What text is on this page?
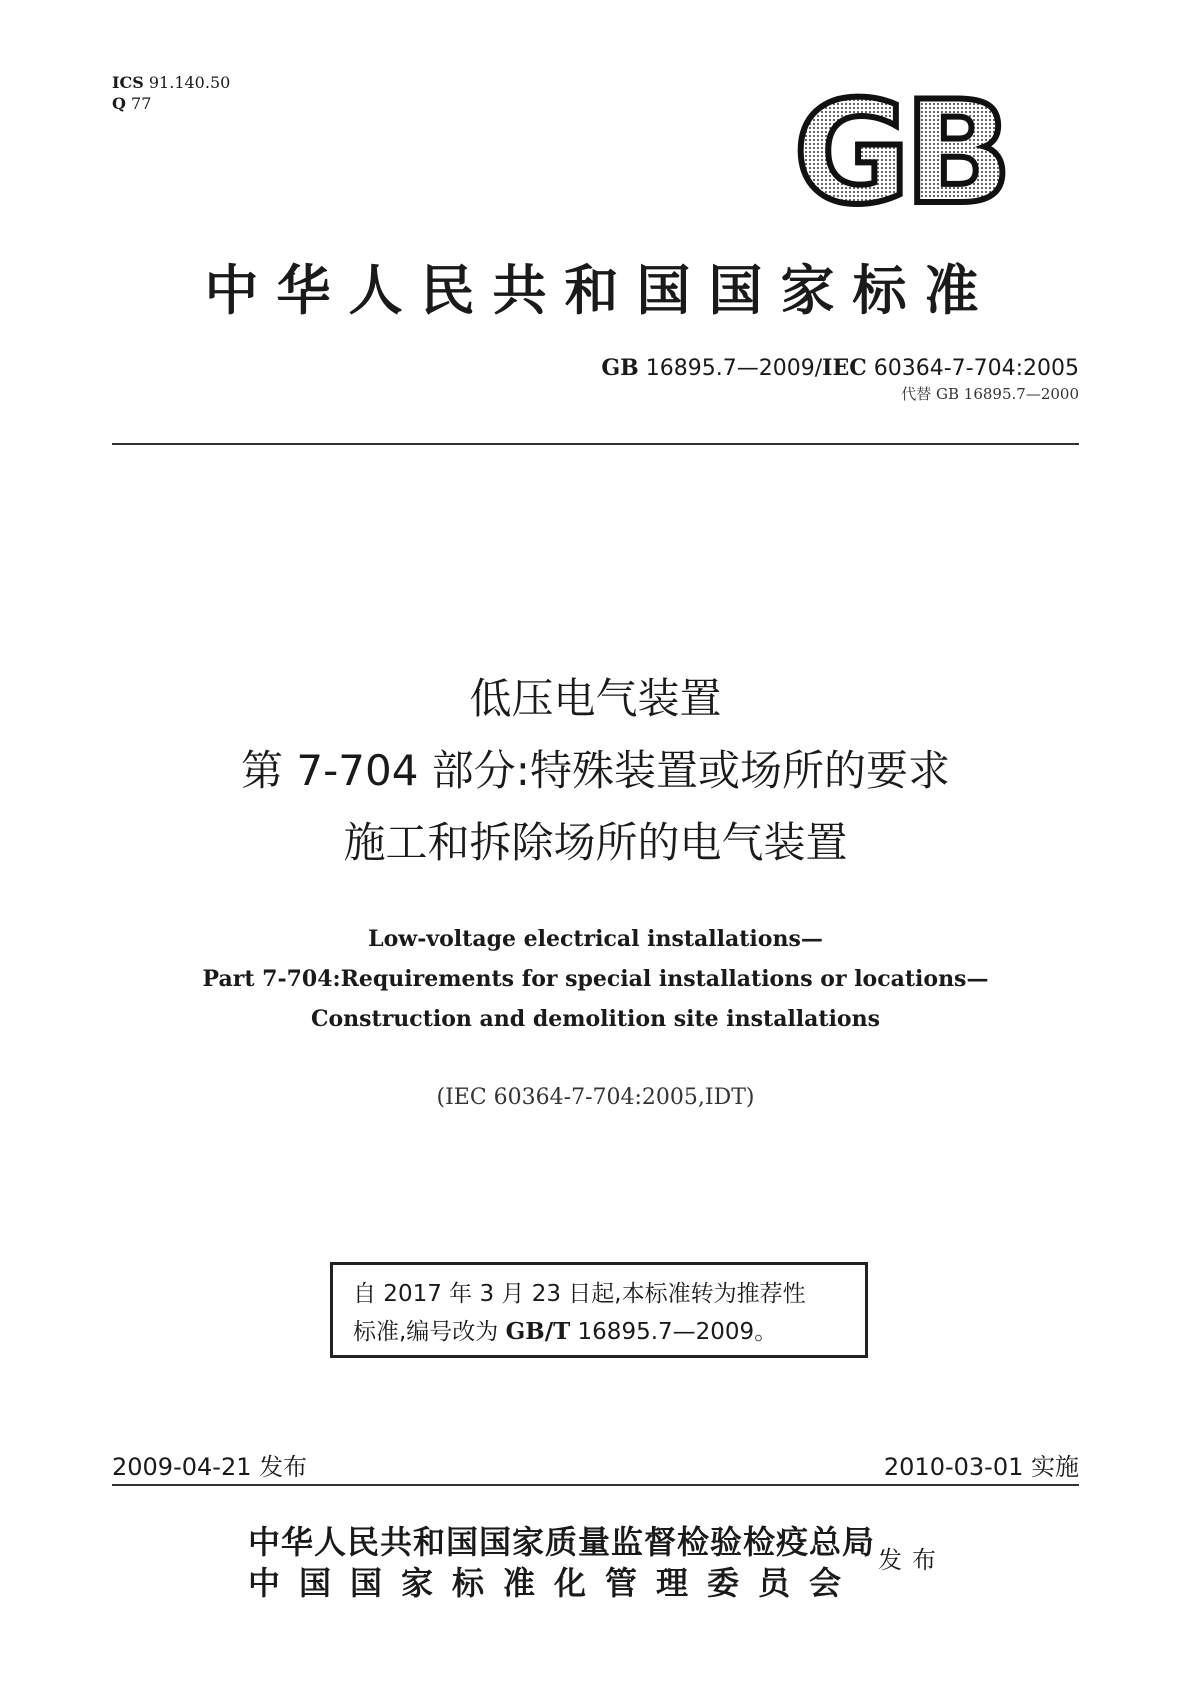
ICS 91.140.50
Q 77	GB
中华人民共和国国家标准
GB 16895.7—2009/IEC 60364-7-704:2005
代替 GB 16895.7—2000
低压电气装置
第 7-704 部分:特殊装置或场所的要求
施工和拆除场所的电气装置
Low-voltage electrical installations—
Part 7-704:Requirements for special installations or locations—
Construction and demolition site installations
(IEC 60364-7-704:2005,IDT)
自 2017 年 3 月 23 日起,本标准转为推荐性
标准,编号改为 GB/T 16895.7—2009。
2009-04-21 发布	2010-03-01 实施
中华人民共和国国家质量监督检验检疫总局
中国国家标准化管理委员会
发布
